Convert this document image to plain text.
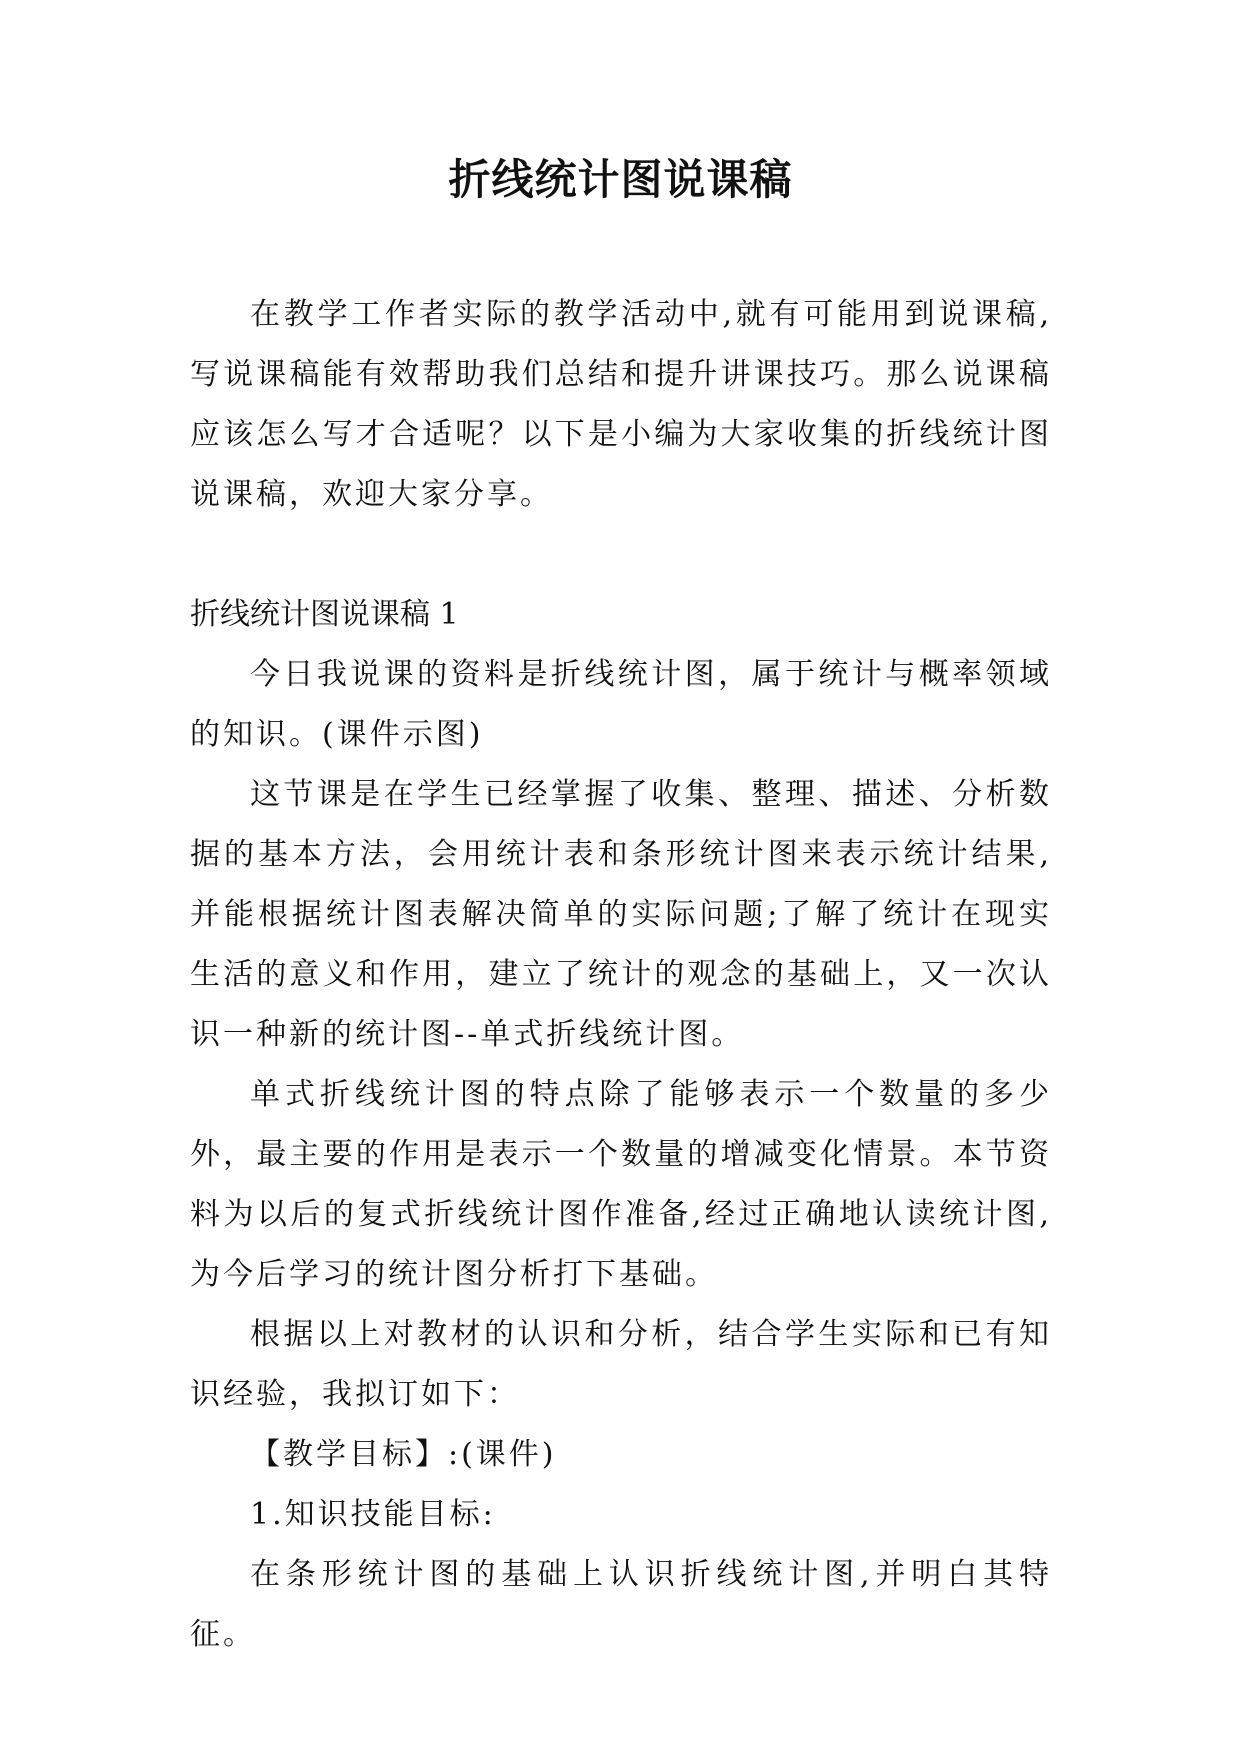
折线统计图说课稿

在教学工作者实际的教学活动中,就有可能用到说课稿,写说课稿能有效帮助我们总结和提升讲课技巧。那么说课稿应该怎么写才合适呢？以下是小编为大家收集的折线统计图说课稿，欢迎大家分享。

折线统计图说课稿 1

今日我说课的资料是折线统计图，属于统计与概率领域的知识。(课件示图)

这节课是在学生已经掌握了收集、整理、描述、分析数据的基本方法，会用统计表和条形统计图来表示统计结果,并能根据统计图表解决简单的实际问题;了解了统计在现实生活的意义和作用，建立了统计的观念的基础上，又一次认识一种新的统计图--单式折线统计图。

单式折线统计图的特点除了能够表示一个数量的多少外，最主要的作用是表示一个数量的增减变化情景。本节资料为以后的复式折线统计图作准备,经过正确地认读统计图,为今后学习的统计图分析打下基础。

根据以上对教材的认识和分析，结合学生实际和已有知识经验，我拟订如下：

【教学目标】:(课件)

1.知识技能目标:

在条形统计图的基础上认识折线统计图,并明白其特征。
